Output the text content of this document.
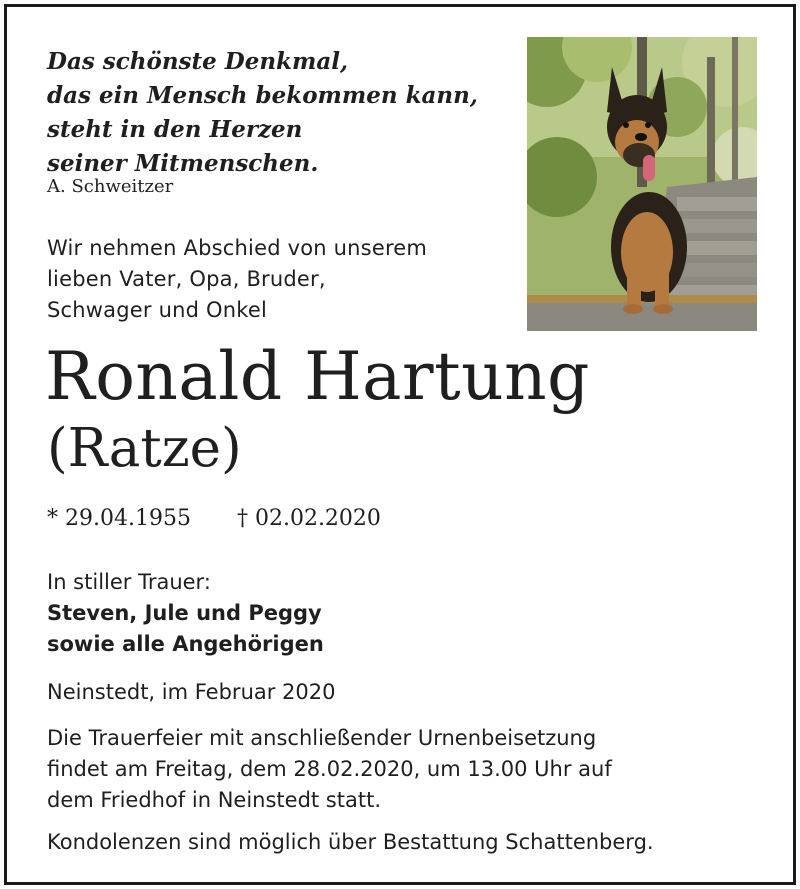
Das schönste Denkmal,
das ein Mensch bekommen kann,
steht in den Herzen
seiner Mitmenschen.
A. Schweitzer
Wir nehmen Abschied von unserem
lieben Vater, Opa, Bruder,
Schwager und Onkel
Ronald Hartung
(Ratze)
* 29.04.1955 † 02.02.2020
In stiller Trauer:
Steven, Jule und Peggy
sowie alle Angehörigen
Neinstedt, im Februar 2020
Die Trauerfeier mit anschließender Urnenbeisetzung
findet am Freitag, dem 28.02.2020, um 13.00 Uhr auf
dem Friedhof in Neinstedt statt.
Kondolenzen sind möglich über Bestattung Schattenberg.
